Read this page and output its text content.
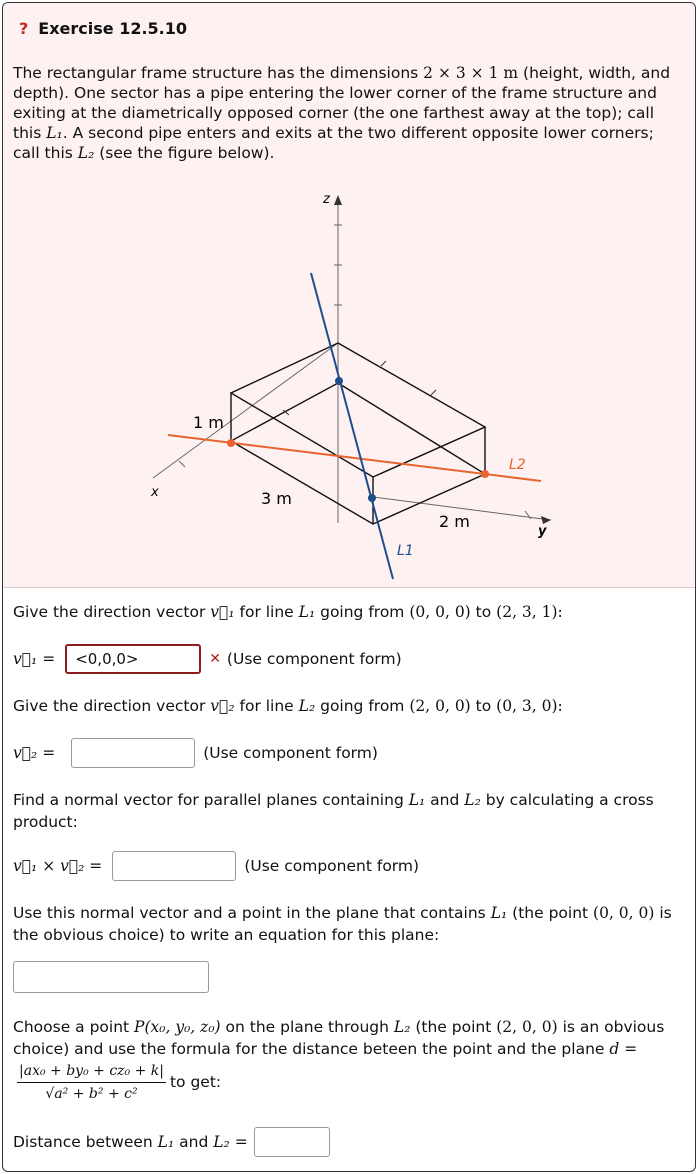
? Exercise 12.5.10
The rectangular frame structure has the dimensions 2 × 3 × 1 m (height, width, and depth). One sector has a pipe entering the lower corner of the frame structure and exiting at the diametrically opposed corner (the one farthest away at the top); call this L₁. A second pipe enters and exits at the two different opposite lower corners; call this L₂ (see the figure below).
z
x
y
1 m
3 m
2 m
L1
L2
Give the direction vector v⃗₁ for line L₁ going from (0, 0, 0) to (2, 3, 1):
v⃗₁ =
<0,0,0>	✕ (Use component form)
Give the direction vector v⃗₂ for line L₂ going from (2, 0, 0) to (0, 3, 0):
v⃗₂ =	(Use component form)
Find a normal vector for parallel planes containing L₁ and L₂ by calculating a cross product:
v⃗₁ × v⃗₂ =	(Use component form)
Use this normal vector and a point in the plane that contains L₁ (the point (0, 0, 0) is the obvious choice) to write an equation for this plane:
Choose a point P(x₀, y₀, z₀) on the plane through L₂ (the point (2, 0, 0) is an obvious choice) and use the formula for the distance beteen the point and the plane d =
$\frac{\text{|ax₀ + by₀ + cz₀ + k|}}{\text{√a² + b² + c²}}$ to get:
Distance between
L₁
and
L₂
=
